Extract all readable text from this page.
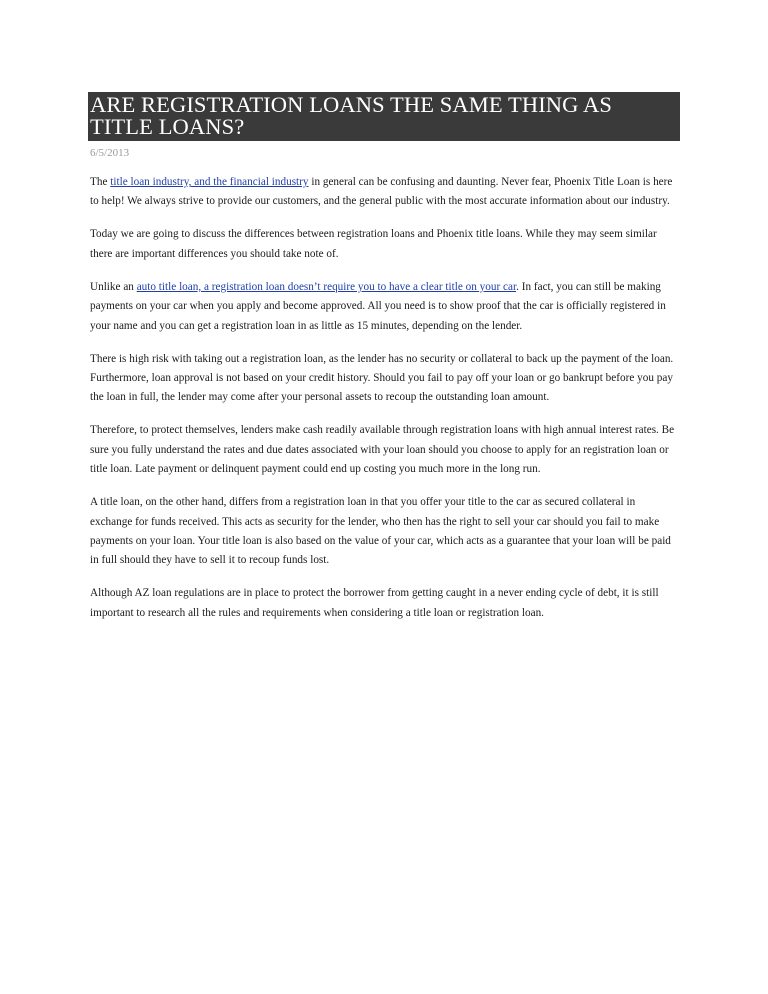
ARE REGISTRATION LOANS THE SAME THING AS TITLE LOANS?
6/5/2013

The title loan industry, and the financial industry in general can be confusing and daunting. Never fear, Phoenix Title Loan is here to help! We always strive to provide our customers, and the general public with the most accurate information about our industry.

Today we are going to discuss the differences between registration loans and Phoenix title loans. While they may seem similar there are important differences you should take note of.

Unlike an auto title loan, a registration loan doesn’t require you to have a clear title on your car. In fact, you can still be making payments on your car when you apply and become approved. All you need is to show proof that the car is officially registered in your name and you can get a registration loan in as little as 15 minutes, depending on the lender.

There is high risk with taking out a registration loan, as the lender has no security or collateral to back up the payment of the loan. Furthermore, loan approval is not based on your credit history. Should you fail to pay off your loan or go bankrupt before you pay the loan in full, the lender may come after your personal assets to recoup the outstanding loan amount.

Therefore, to protect themselves, lenders make cash readily available through registration loans with high annual interest rates. Be sure you fully understand the rates and due dates associated with your loan should you choose to apply for an registration loan or title loan. Late payment or delinquent payment could end up costing you much more in the long run.

A title loan, on the other hand, differs from a registration loan in that you offer your title to the car as secured collateral in exchange for funds received. This acts as security for the lender, who then has the right to sell your car should you fail to make payments on your loan. Your title loan is also based on the value of your car, which acts as a guarantee that your loan will be paid in full should they have to sell it to recoup funds lost.

Although AZ loan regulations are in place to protect the borrower from getting caught in a never ending cycle of debt, it is still important to research all the rules and requirements when considering a title loan or registration loan.
